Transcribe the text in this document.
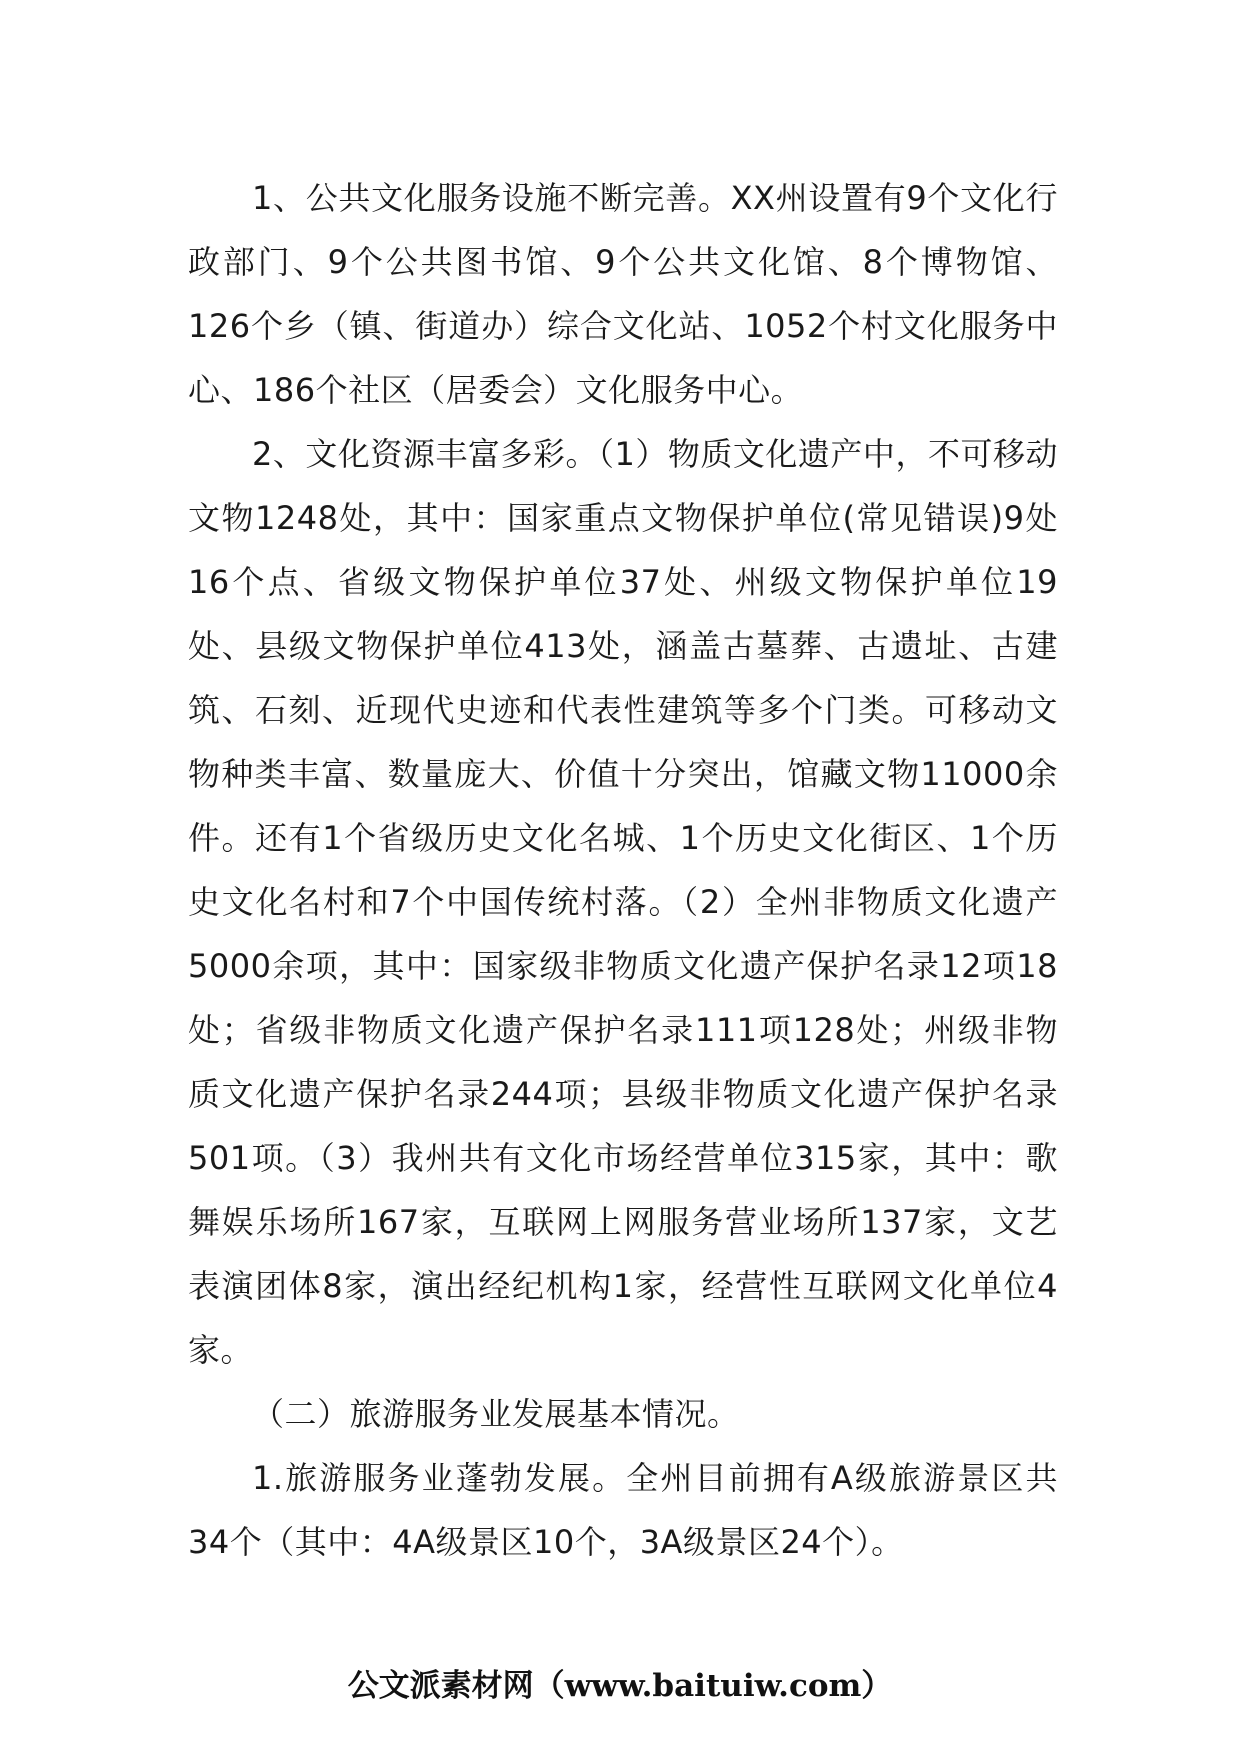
1、公共文化服务设施不断完善。XX州设置有9个文化行政部门、9个公共图书馆、9个公共文化馆、8个博物馆、126个乡（镇、街道办）综合文化站、1052个村文化服务中心、186个社区（居委会）文化服务中心。

2、文化资源丰富多彩。（1）物质文化遗产中，不可移动文物1248处，其中：国家重点文物保护单位(常见错误)9处16个点、省级文物保护单位37处、州级文物保护单位19处、县级文物保护单位413处，涵盖古墓葬、古遗址、古建筑、石刻、近现代史迹和代表性建筑等多个门类。可移动文物种类丰富、数量庞大、价值十分突出，馆藏文物11000余件。还有1个省级历史文化名城、1个历史文化街区、1个历史文化名村和7个中国传统村落。（2）全州非物质文化遗产5000余项，其中：国家级非物质文化遗产保护名录12项18处；省级非物质文化遗产保护名录111项128处；州级非物质文化遗产保护名录244项；县级非物质文化遗产保护名录501项。（3）我州共有文化市场经营单位315家，其中：歌舞娱乐场所167家，互联网上网服务营业场所137家，文艺表演团体8家，演出经纪机构1家，经营性互联网文化单位4家。

（二）旅游服务业发展基本情况。

1.旅游服务业蓬勃发展。全州目前拥有A级旅游景区共34个（其中：4A级景区10个，3A级景区24个）。

公文派素材网（www.baituiw.com）
